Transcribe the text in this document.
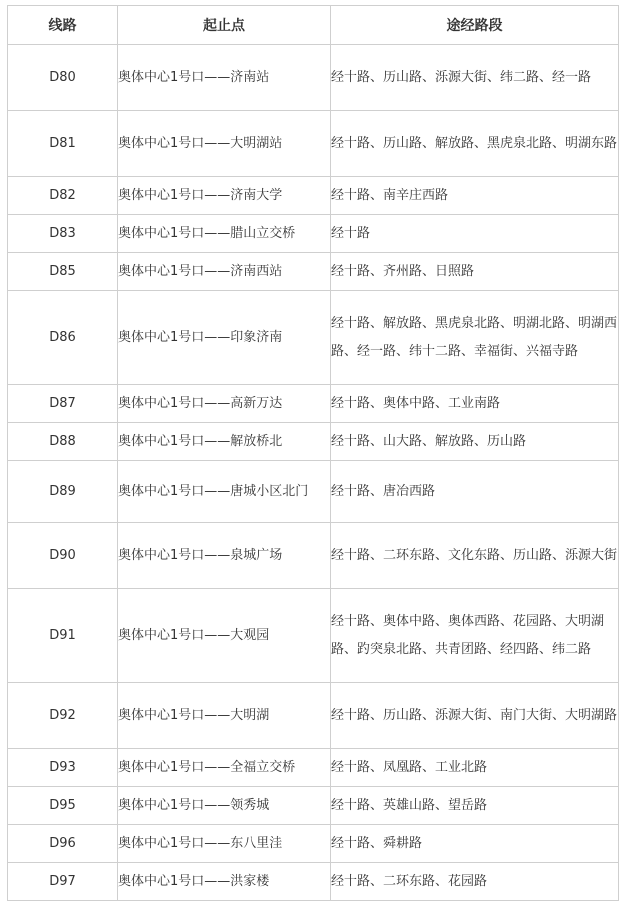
线路	起止点	途经路段
D80	奥体中心1号口——济南站	经十路、历山路、泺源大街、纬二路、经一路
D81	奥体中心1号口——大明湖站	经十路、历山路、解放路、黑虎泉北路、明湖东路
D82	奥体中心1号口——济南大学	经十路、南辛庄西路
D83	奥体中心1号口——腊山立交桥	经十路
D85	奥体中心1号口——济南西站	经十路、齐州路、日照路
D86	奥体中心1号口——印象济南	经十路、解放路、黑虎泉北路、明湖北路、明湖西路、经一路、纬十二路、幸福街、兴福寺路
D87	奥体中心1号口——高新万达	经十路、奥体中路、工业南路
D88	奥体中心1号口——解放桥北	经十路、山大路、解放路、历山路
D89	奥体中心1号口——唐城小区北门	经十路、唐冶西路
D90	奥体中心1号口——泉城广场	经十路、二环东路、文化东路、历山路、泺源大街
D91	奥体中心1号口——大观园	经十路、奥体中路、奥体西路、花园路、大明湖路、趵突泉北路、共青团路、经四路、纬二路
D92	奥体中心1号口——大明湖	经十路、历山路、泺源大街、南门大街、大明湖路
D93	奥体中心1号口——全福立交桥	经十路、凤凰路、工业北路
D95	奥体中心1号口——领秀城	经十路、英雄山路、望岳路
D96	奥体中心1号口——东八里洼	经十路、舜耕路
D97	奥体中心1号口——洪家楼	经十路、二环东路、花园路
